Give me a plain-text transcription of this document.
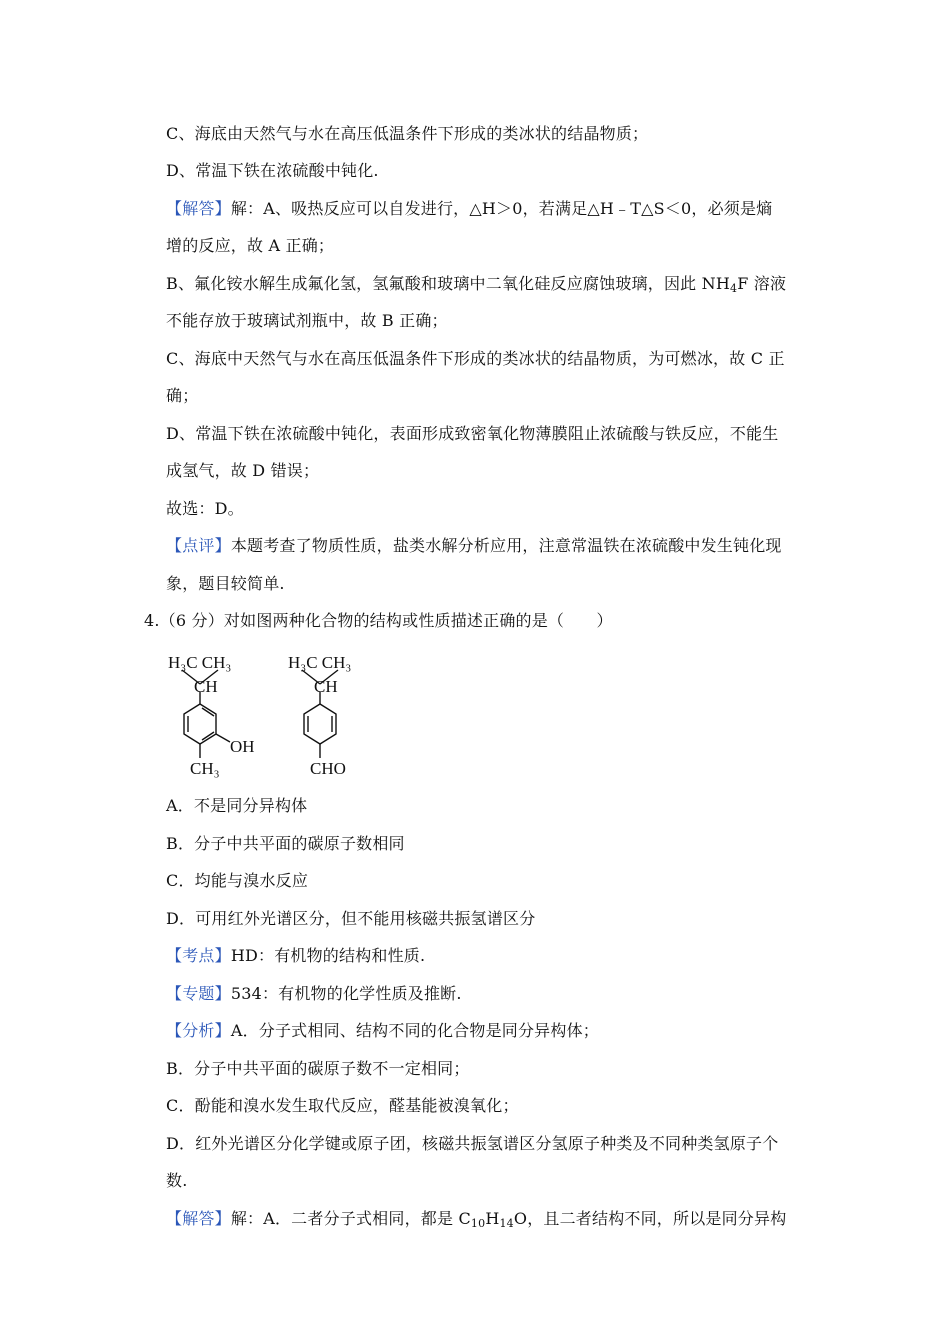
C、海底由天然气与水在高压低温条件下形成的类冰状的结晶物质；
D、常温下铁在浓硫酸中钝化.
【解答】解：A、吸热反应可以自发进行，△H＞0，若满足△H﹣T△S＜0，必须是熵
增的反应，故 A 正确；
B、氟化铵水解生成氟化氢，氢氟酸和玻璃中二氧化硅反应腐蚀玻璃，因此 $NH_4F$ 溶液
不能存放于玻璃试剂瓶中，故 B 正确；
C、海底中天然气与水在高压低温条件下形成的类冰状的结晶物质，为可燃冰，故 C 正
确；
D、常温下铁在浓硫酸中钝化，表面形成致密氧化物薄膜阻止浓硫酸与铁反应，不能生
成氢气，故 D 错误；
故选：D。
【点评】本题考查了物质性质，盐类水解分析应用，注意常温铁在浓硫酸中发生钝化现
象，题目较简单.
4.（6 分）对如图两种化合物的结构或性质描述正确的是（　　）
H₃C CH₃
CH
OH
CH₃
H₃C CH₃
CH
CHO
A．不是同分异构体
B．分子中共平面的碳原子数相同
C．均能与溴水反应
D．可用红外光谱区分，但不能用核磁共振氢谱区分
【考点】HD：有机物的结构和性质.
【专题】534：有机物的化学性质及推断.
【分析】A．分子式相同、结构不同的化合物是同分异构体；
B．分子中共平面的碳原子数不一定相同；
C．酚能和溴水发生取代反应，醛基能被溴氧化；
D．红外光谱区分化学键或原子团，核磁共振氢谱区分氢原子种类及不同种类氢原子个
数.
【解答】解：A．二者分子式相同，都是 $C_{10}H_{14}O$，且二者结构不同，所以是同分异构
